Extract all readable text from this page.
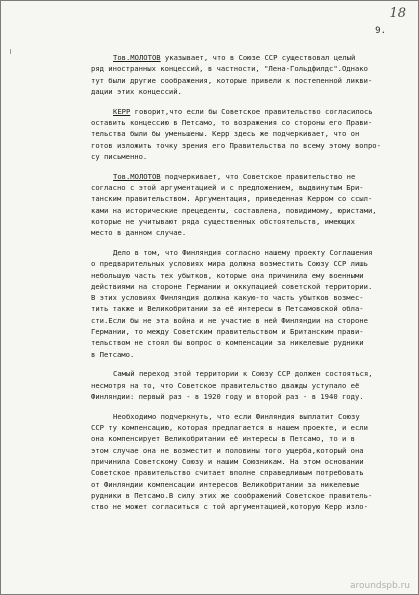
18
9.
Тов.МОЛОТОВ указывает, что в Союзе ССР существовал целый
ряд иностранных концессий, в частности, "Лена-Гольдфилдс".Однако
тут были другие соображения, которые привели к постепенной ликви-
дации этих концессий.
КЕРР говорит,что если бы Советское правительство согласилось
оставить концессию в Петсамо, то возражения со стороны его Прави-
тельства были бы уменьшены. Керр здесь же подчеркивает, что он
готов изложить точку зрения его Правительства по всему этому вопро-
су письменно.
Тов.МОЛОТОВ подчеркивает, что Советское правительство не
согласно с этой аргументацией и с предложением, выдвинутым Бри-
танским правительством. Аргументация, приведенная Керром со ссыл-
ками на исторические прецеденты, составлена, повидимому, юристами,
которые не учитывают ряда существенных обстоятельств, имеющих
место в данном случае.
Дело в том, что Финляндия согласно нашему проекту Соглашения
о предварительных условиях мира должна возместить Союзу ССР лишь
небольшую часть тех убытков, которые она причинила ему военными
действиями на стороне Германии и оккупацией советской территории.
В этих условиях Финляндия должна какую-то часть убытков возмес-
тить также и Великобритании за её интересы в Петсамовской обла-
сти.Если бы не эта война и не участие в ней Финляндии на стороне
Германии, то между Советским правительством и Британским прави-
тельством не стоял бы вопрос о компенсации за никелевые рудники
в Петсамо.
Самый переход этой территории к Союзу ССР должен состояться,
несмотря на то, что Советское правительство дважды уступало её
Финляндии: первый раз - в 1920 году и второй раз - в 1940 году.
Необходимо подчеркнуть, что если Финляндия выплатит Союзу
ССР ту компенсацию, которая предлагается в нашем проекте, и если
она компенсирует Великобритании её интересы в Петсамо, то и в
этом случае она не возместит и половины того ущерба,который она
причинила Советскому Союзу и нашим Союзникам. На этом основании
Советское правительство считает вполне справедливым потребовать
от Финляндии компенсации интересов Великобритании за никелевые
рудники в Петсамо.В силу этих же соображений Советское правитель-
ство не может согласиться с той аргументацией,которую Керр изло-
aroundspb.ru
